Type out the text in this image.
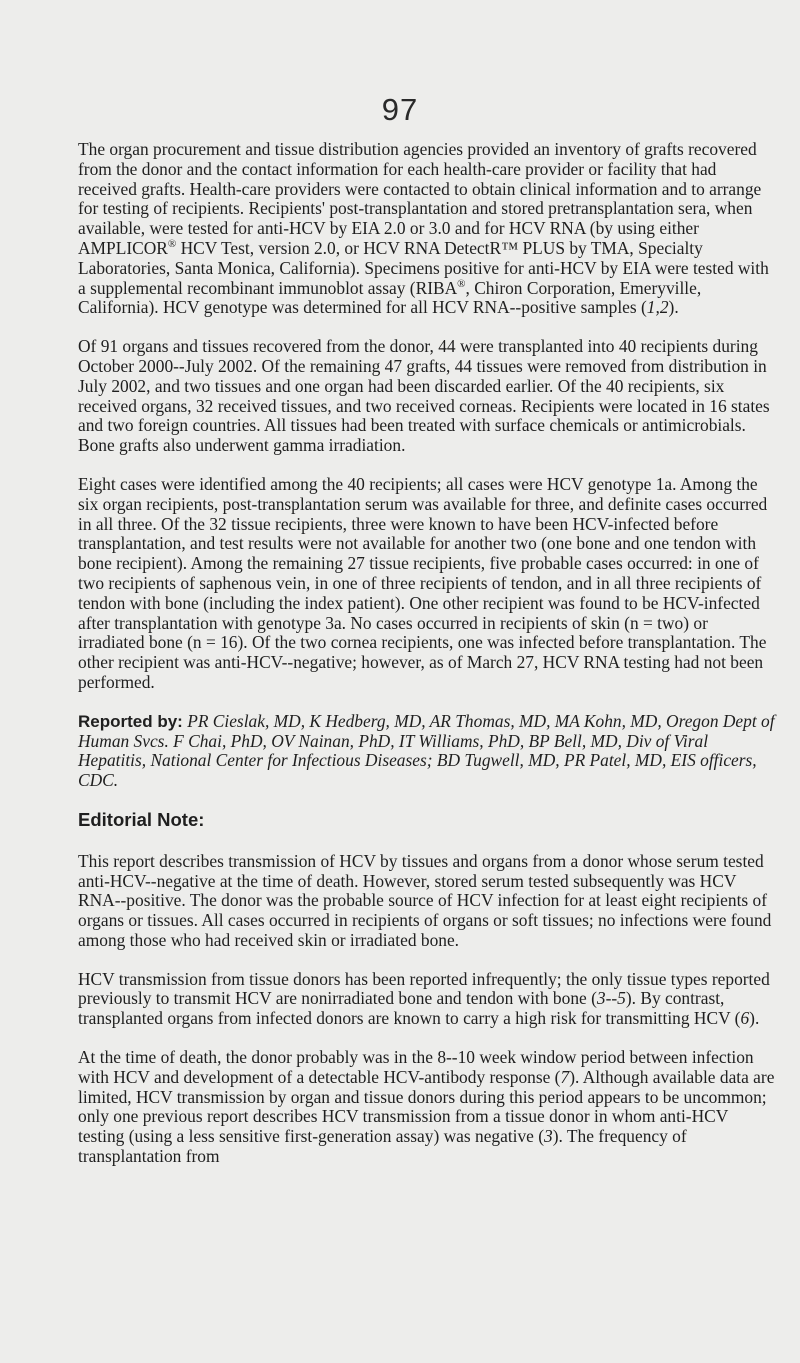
97

The organ procurement and tissue distribution agencies provided an inventory of grafts recovered from the donor and the contact information for each health-care provider or facility that had received grafts. Health-care providers were contacted to obtain clinical information and to arrange for testing of recipients. Recipients' post-transplantation and stored pretransplantation sera, when available, were tested for anti-HCV by EIA 2.0 or 3.0 and for HCV RNA (by using either AMPLICOR® HCV Test, version 2.0, or HCV RNA DetectR™ PLUS by TMA, Specialty Laboratories, Santa Monica, California). Specimens positive for anti-HCV by EIA were tested with a supplemental recombinant immunoblot assay (RIBA®, Chiron Corporation, Emeryville, California). HCV genotype was determined for all HCV RNA--positive samples (1,2).

Of 91 organs and tissues recovered from the donor, 44 were transplanted into 40 recipients during October 2000--July 2002. Of the remaining 47 grafts, 44 tissues were removed from distribution in July 2002, and two tissues and one organ had been discarded earlier. Of the 40 recipients, six received organs, 32 received tissues, and two received corneas. Recipients were located in 16 states and two foreign countries. All tissues had been treated with surface chemicals or antimicrobials. Bone grafts also underwent gamma irradiation.

Eight cases were identified among the 40 recipients; all cases were HCV genotype 1a. Among the six organ recipients, post-transplantation serum was available for three, and definite cases occurred in all three. Of the 32 tissue recipients, three were known to have been HCV-infected before transplantation, and test results were not available for another two (one bone and one tendon with bone recipient). Among the remaining 27 tissue recipients, five probable cases occurred: in one of two recipients of saphenous vein, in one of three recipients of tendon, and in all three recipients of tendon with bone (including the index patient). One other recipient was found to be HCV-infected after transplantation with genotype 3a. No cases occurred in recipients of skin (n = two) or irradiated bone (n = 16). Of the two cornea recipients, one was infected before transplantation. The other recipient was anti-HCV--negative; however, as of March 27, HCV RNA testing had not been performed.

Reported by: PR Cieslak, MD, K Hedberg, MD, AR Thomas, MD, MA Kohn, MD, Oregon Dept of Human Svcs. F Chai, PhD, OV Nainan, PhD, IT Williams, PhD, BP Bell, MD, Div of Viral Hepatitis, National Center for Infectious Diseases; BD Tugwell, MD, PR Patel, MD, EIS officers, CDC.

Editorial Note:

This report describes transmission of HCV by tissues and organs from a donor whose serum tested anti-HCV--negative at the time of death. However, stored serum tested subsequently was HCV RNA--positive. The donor was the probable source of HCV infection for at least eight recipients of organs or tissues. All cases occurred in recipients of organs or soft tissues; no infections were found among those who had received skin or irradiated bone.

HCV transmission from tissue donors has been reported infrequently; the only tissue types reported previously to transmit HCV are nonirradiated bone and tendon with bone (3--5). By contrast, transplanted organs from infected donors are known to carry a high risk for transmitting HCV (6).

At the time of death, the donor probably was in the 8--10 week window period between infection with HCV and development of a detectable HCV-antibody response (7). Although available data are limited, HCV transmission by organ and tissue donors during this period appears to be uncommon; only one previous report describes HCV transmission from a tissue donor in whom anti-HCV testing (using a less sensitive first-generation assay) was negative (3). The frequency of transplantation from
